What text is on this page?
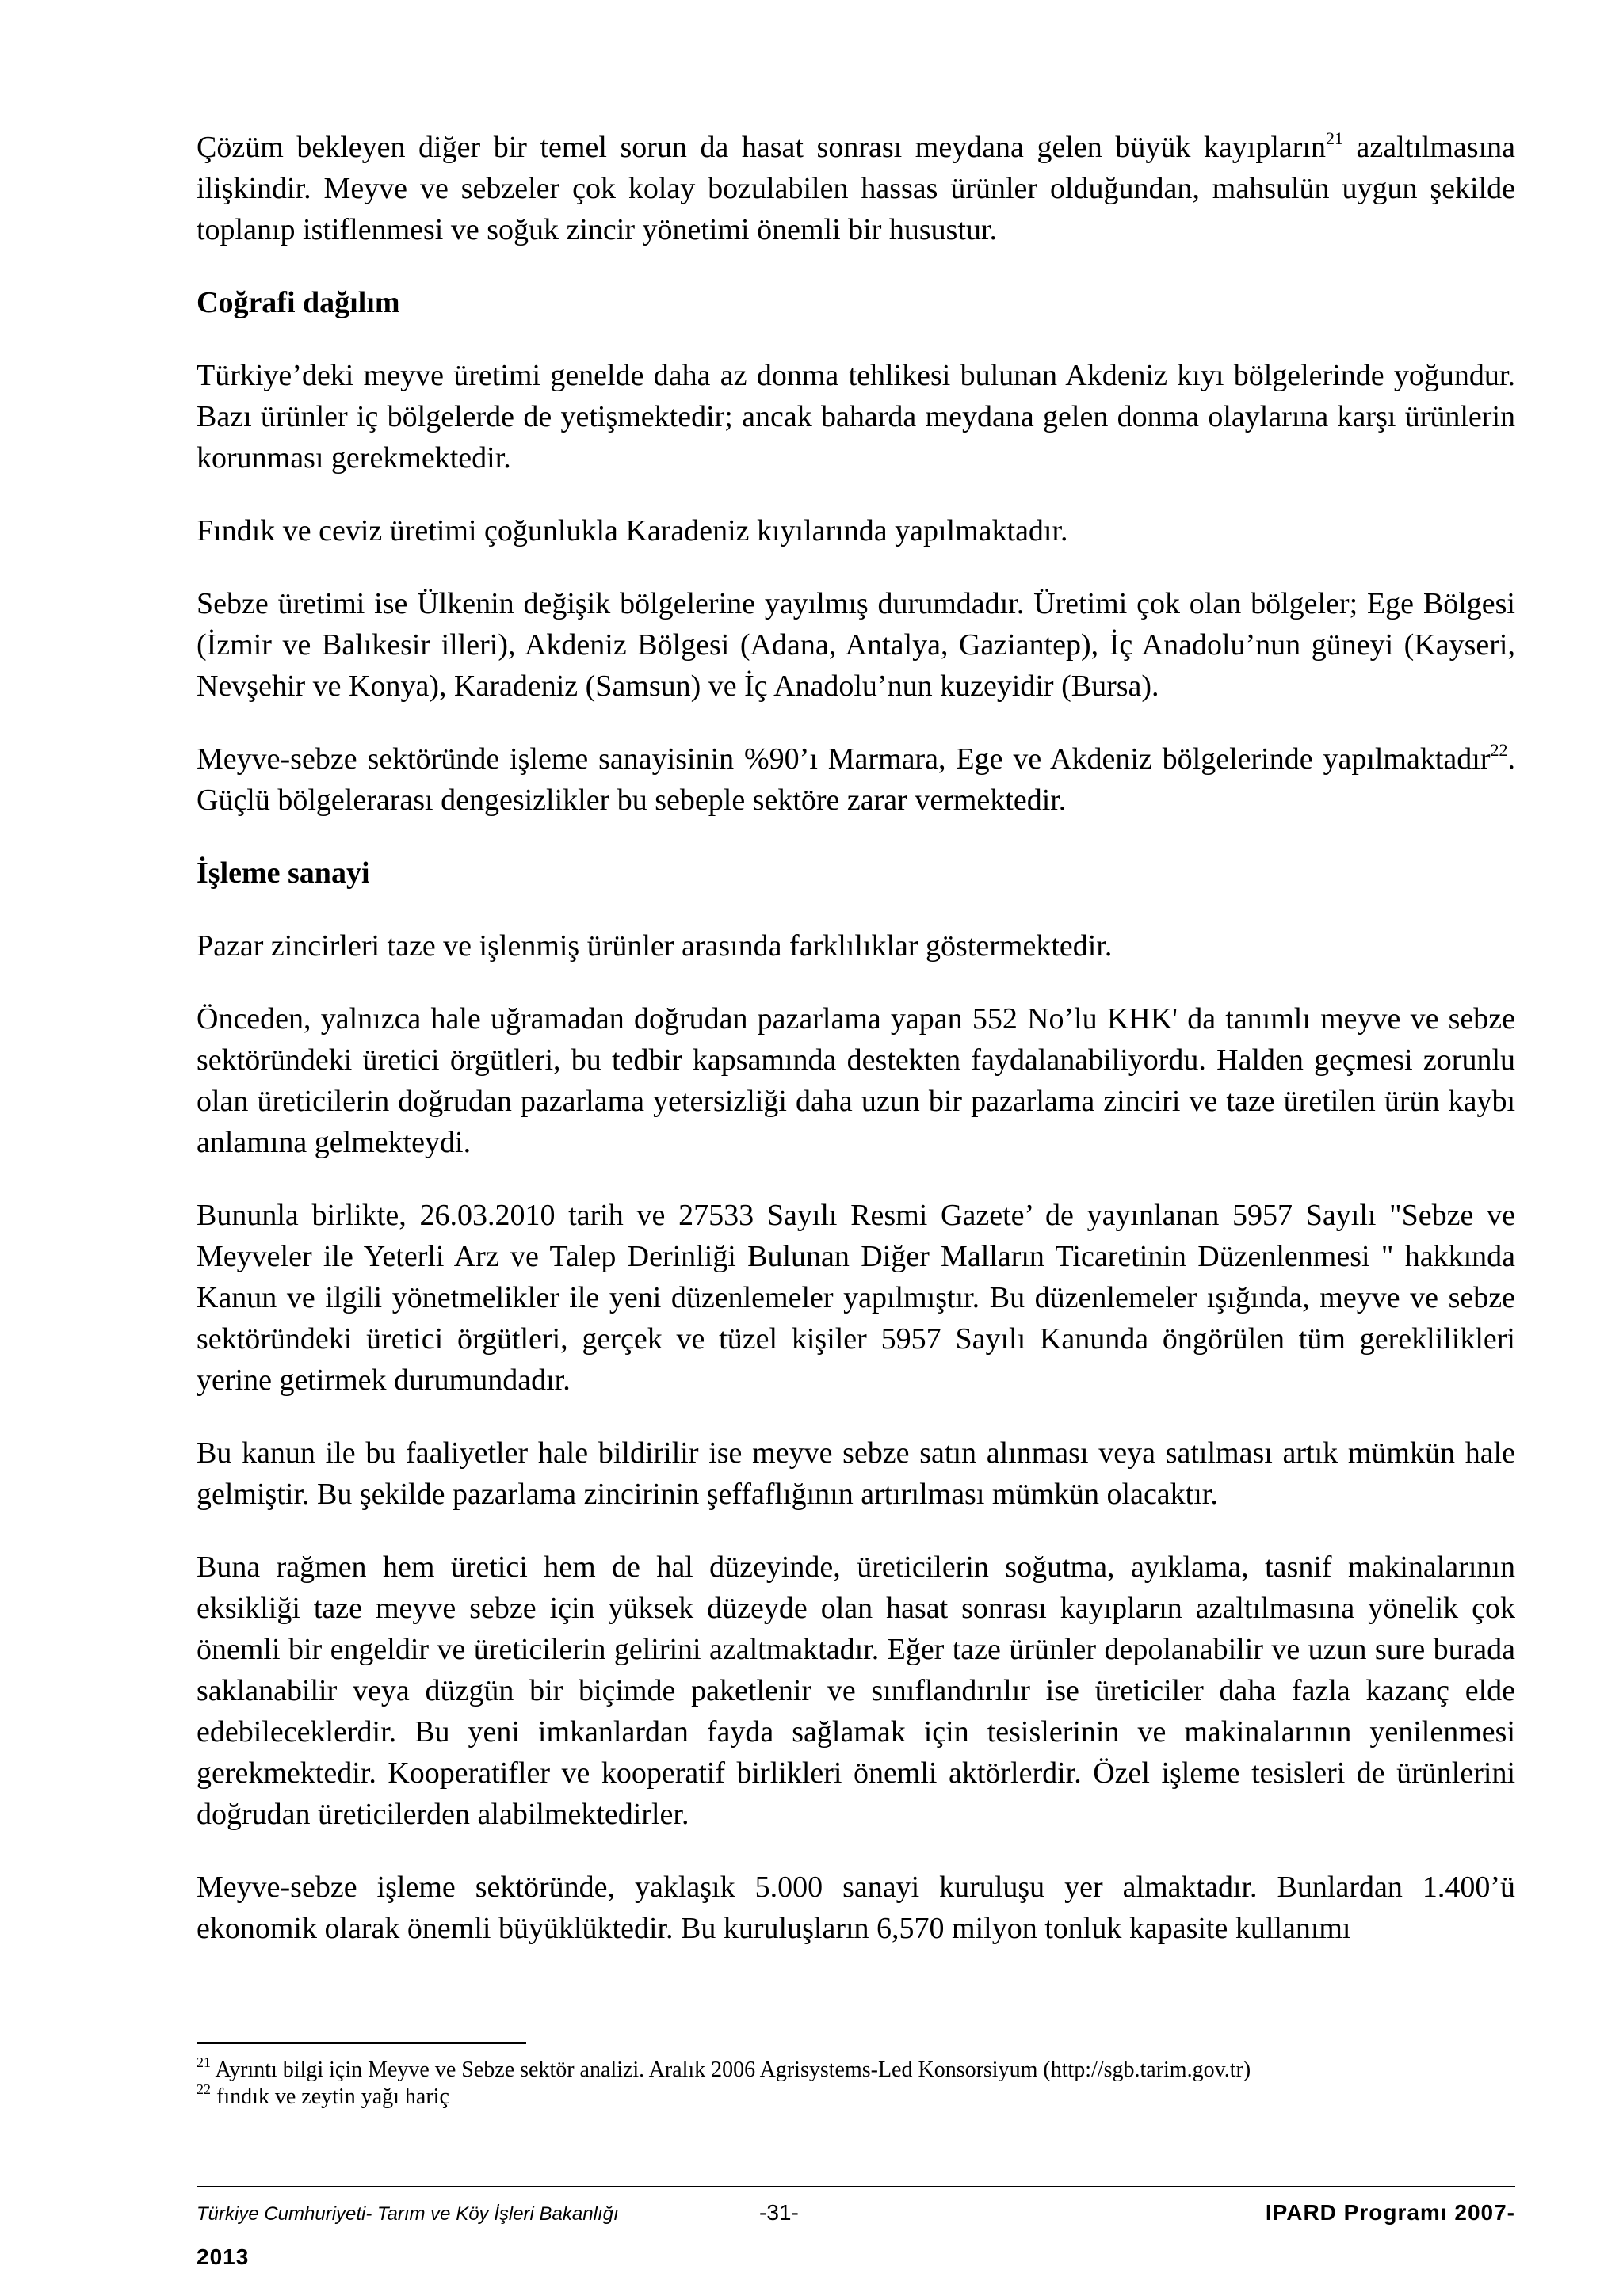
Çözüm bekleyen diğer bir temel sorun da hasat sonrası meydana gelen büyük kayıpların$^{21}$ azaltılmasına ilişkindir. Meyve ve sebzeler çok kolay bozulabilen hassas ürünler olduğundan, mahsulün uygun şekilde toplanıp istiflenmesi ve soğuk zincir yönetimi önemli bir husustur.

Coğrafi dağılım

Türkiye’deki meyve üretimi genelde daha az donma tehlikesi bulunan Akdeniz kıyı bölgelerinde yoğundur. Bazı ürünler iç bölgelerde de yetişmektedir; ancak baharda meydana gelen donma olaylarına karşı ürünlerin korunması gerekmektedir.

Fındık ve ceviz üretimi çoğunlukla Karadeniz kıyılarında yapılmaktadır.

Sebze üretimi ise Ülkenin değişik bölgelerine yayılmış durumdadır. Üretimi çok olan bölgeler; Ege Bölgesi (İzmir ve Balıkesir illeri), Akdeniz Bölgesi (Adana, Antalya, Gaziantep), İç Anadolu’nun güneyi (Kayseri, Nevşehir ve Konya), Karadeniz (Samsun) ve İç Anadolu’nun kuzeyidir (Bursa).

Meyve-sebze sektöründe işleme sanayisinin %90’ı Marmara, Ege ve Akdeniz bölgelerinde yapılmaktadır$^{22}$. Güçlü bölgelerarası dengesizlikler bu sebeple sektöre zarar vermektedir.

İşleme sanayi

Pazar zincirleri taze ve işlenmiş ürünler arasında farklılıklar göstermektedir.

Önceden, yalnızca hale uğramadan doğrudan pazarlama yapan 552 No’lu KHK' da tanımlı meyve ve sebze sektöründeki üretici örgütleri, bu tedbir kapsamında destekten faydalanabiliyordu. Halden geçmesi zorunlu olan üreticilerin doğrudan pazarlama yetersizliği daha uzun bir pazarlama zinciri ve taze üretilen ürün kaybı anlamına gelmekteydi.

Bununla birlikte, 26.03.2010 tarih ve 27533 Sayılı Resmi Gazete’ de yayınlanan 5957 Sayılı "Sebze ve Meyveler ile Yeterli Arz ve Talep Derinliği Bulunan Diğer Malların Ticaretinin Düzenlenmesi " hakkında Kanun ve ilgili yönetmelikler ile yeni düzenlemeler yapılmıştır. Bu düzenlemeler ışığında, meyve ve sebze sektöründeki üretici örgütleri, gerçek ve tüzel kişiler 5957 Sayılı Kanunda öngörülen tüm gereklilikleri yerine getirmek durumundadır.

Bu kanun ile bu faaliyetler hale bildirilir ise meyve sebze satın alınması veya satılması artık mümkün hale gelmiştir. Bu şekilde pazarlama zincirinin şeffaflığının artırılması mümkün olacaktır.

Buna rağmen hem üretici hem de hal düzeyinde, üreticilerin soğutma, ayıklama, tasnif makinalarının eksikliği taze meyve sebze için yüksek düzeyde olan hasat sonrası kayıpların azaltılmasına yönelik çok önemli bir engeldir ve üreticilerin gelirini azaltmaktadır. Eğer taze ürünler depolanabilir ve uzun sure burada saklanabilir veya düzgün bir biçimde paketlenir ve sınıflandırılır ise üreticiler daha fazla kazanç elde edebileceklerdir. Bu yeni imkanlardan fayda sağlamak için tesislerinin ve makinalarının yenilenmesi gerekmektedir. Kooperatifler ve kooperatif birlikleri önemli aktörlerdir. Özel işleme tesisleri de ürünlerini doğrudan üreticilerden alabilmektedirler.

Meyve-sebze işleme sektöründe, yaklaşık 5.000 sanayi kuruluşu yer almaktadır. Bunlardan 1.400’ü ekonomik olarak önemli büyüklüktedir. Bu kuruluşların 6,570 milyon tonluk kapasite kullanımı

$^{21}$ Ayrıntı bilgi için Meyve ve Sebze sektör analizi. Aralık 2006 Agrisystems-Led Konsorsiyum (http://sgb.tarim.gov.tr)

$^{22}$ fındık ve zeytin yağı hariç

Türkiye Cumhuriyeti- Tarım ve Köy İşleri Bakanlığı	-31-	IPARD Programı 2007-
2013
